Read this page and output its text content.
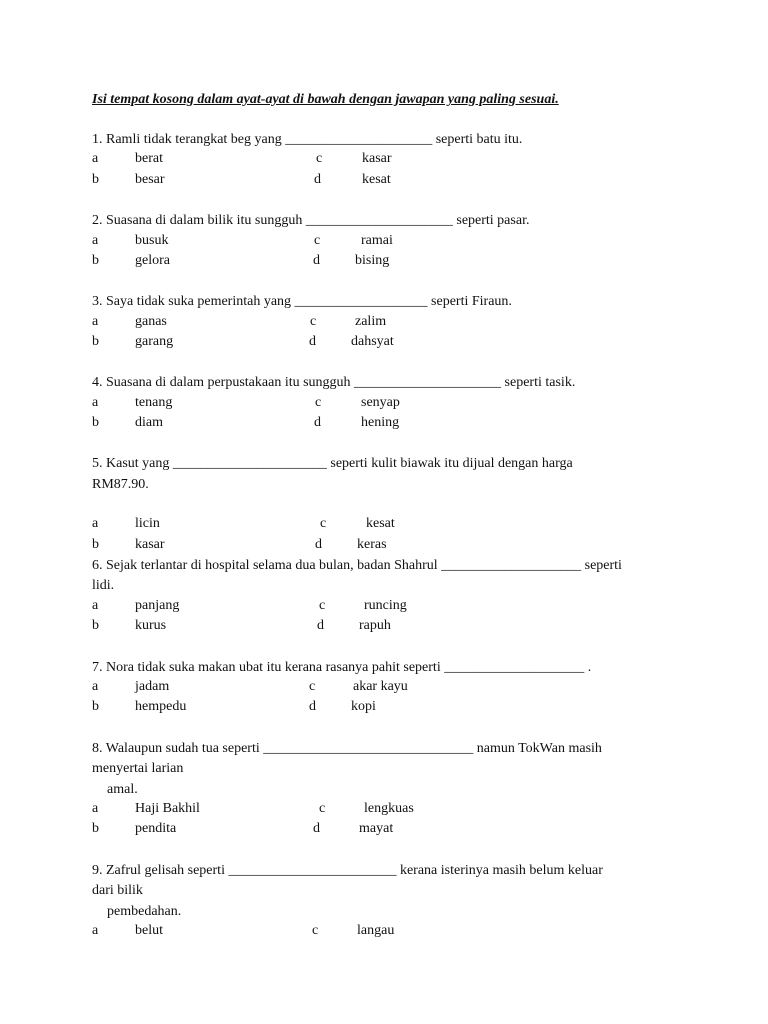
Isi tempat kosong dalam ayat-ayat di bawah dengan jawapan yang paling sesuai.

1. Ramli tidak terangkat beg yang _____________________ seperti batu itu.

a	berat	c	kasar
b	besar	d	kesat

2. Suasana di dalam bilik itu sungguh _____________________ seperti pasar.

a	busuk	c	ramai
b	gelora	d	bising

3. Saya tidak suka pemerintah yang ___________________ seperti Firaun.

a	ganas	c	zalim
b	garang	d	dahsyat

4. Suasana di dalam perpustakaan itu sungguh _____________________ seperti tasik.

a	tenang	c	senyap
b	diam	d	hening

5. Kasut yang ______________________ seperti kulit biawak itu dijual dengan harga

RM87.90.

a	licin	c	kesat
b	kasar	d	keras

6. Sejak terlantar di hospital selama dua bulan, badan Shahrul ____________________ seperti

lidi.

a	panjang	c	runcing
b	kurus	d	rapuh

7. Nora tidak suka makan ubat itu kerana rasanya pahit seperti ____________________ .

a	jadam	c	akar kayu
b	hempedu	d	kopi

8. Walaupun sudah tua seperti ______________________________ namun TokWan masih

menyertai larian

amal.

a	Haji Bakhil	c	lengkuas
b	pendita	d	mayat

9. Zafrul gelisah seperti ________________________ kerana isterinya masih belum keluar

dari bilik

pembedahan.

a	belut	c	langau
